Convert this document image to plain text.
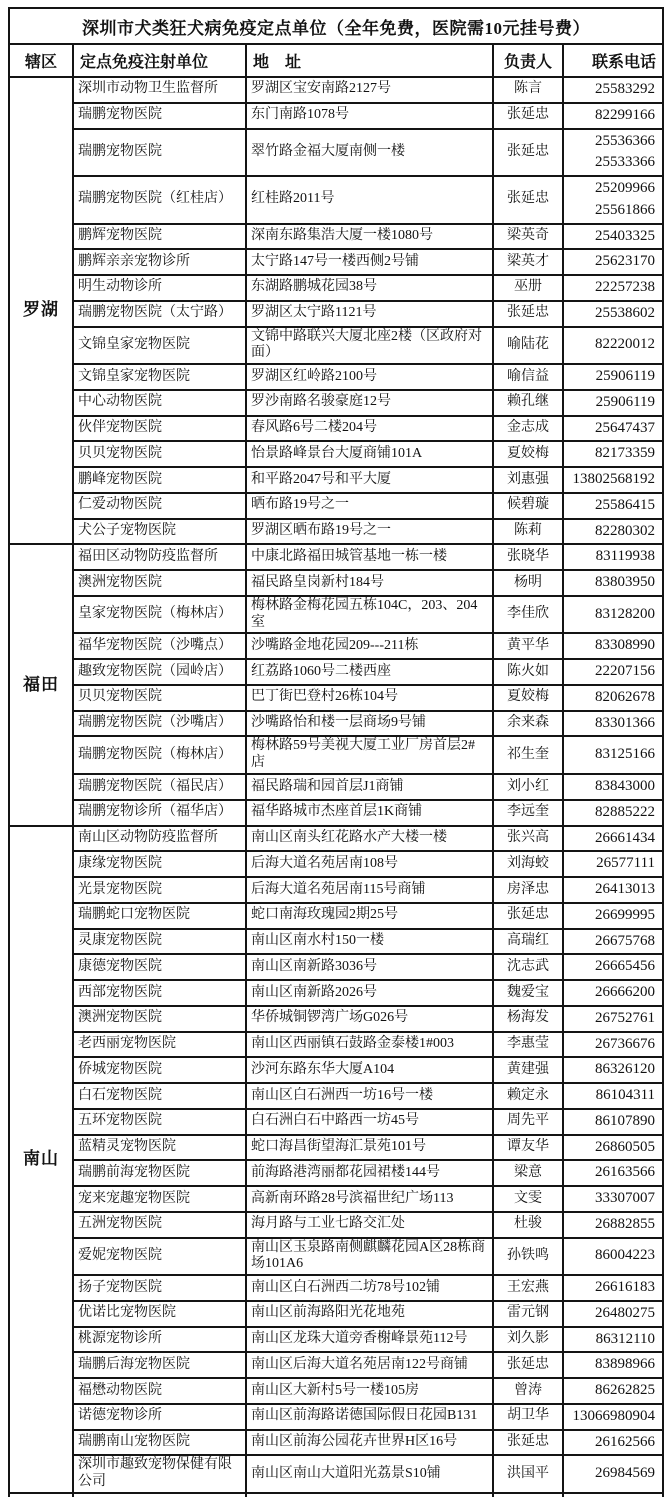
深圳市犬类狂犬病免疫定点单位（全年免费，医院需10元挂号费）				
辖区	定点免疫注射单位	地　址	负责人	联系电话
罗湖	深圳市动物卫生监督所	罗湖区宝安南路2127号	陈言	25583292

	瑞鹏宠物医院	东门南路1078号	张延忠	82299166

	瑞鹏宠物医院	翠竹路金福大厦南侧一楼	张延忠	25536366
25533366

	瑞鹏宠物医院（红桂店）	红桂路2011号	张延忠	25209966
25561866

	鹏辉宠物医院	深南东路集浩大厦一楼1080号	梁英奇	25403325

	鹏辉亲亲宠物诊所	太宁路147号一楼西侧2号铺	梁英才	25623170

	明生动物诊所	东湖路鹏城花园38号	巫册	22257238

	瑞鹏宠物医院（太宁路）	罗湖区太宁路1121号	张延忠	25538602

	文锦皇家宠物医院	文锦中路联兴大厦北座2楼（区政府对面）	喻陆花	82220012

	文锦皇家宠物医院	罗湖区红岭路2100号	喻信益	25906119

	中心动物医院	罗沙南路名骏豪庭12号	赖孔继	25906119

	伙伴宠物医院	春风路6号二楼204号	金志成	25647437

	贝贝宠物医院	怡景路峰景台大厦商铺101A	夏姣梅	82173359

	鹏峰宠物医院	和平路2047号和平大厦	刘惠强	13802568192

	仁爱动物医院	晒布路19号之一	候碧璇	25586415

	犬公子宠物医院	罗湖区晒布路19号之一	陈莉	82280302

福田	福田区动物防疫监督所	中康北路福田城管基地一栋一楼	张晓华	83119938

	澳洲宠物医院	福民路皇岗新村184号	杨明	83803950

	皇家宠物医院（梅林店）	梅林路金梅花园五栋104C，203、204室	李佳欣	83128200

	福华宠物医院（沙嘴点）	沙嘴路金地花园209---211栋	黄平华	83308990

	趣致宠物医院（园岭店）	红荔路1060号二楼西座	陈火如	22207156

	贝贝宠物医院	巴丁街巴登村26栋104号	夏姣梅	82062678

	瑞鹏宠物医院（沙嘴店）	沙嘴路怡和楼一层商场9号铺	余来森	83301366

	瑞鹏宠物医院（梅林店）	梅林路59号美视大厦工业厂房首层2#店	祁生奎	83125166

	瑞鹏宠物医院（福民店）	福民路瑞和园首层J1商铺	刘小红	83843000

	瑞鹏宠物诊所（福华店）	福华路城市杰座首层1K商铺	李远奎	82885222

南山	南山区动物防疫监督所	南山区南头红花路水产大楼一楼	张兴高	26661434

	康缘宠物医院	后海大道名苑居南108号	刘海蛟	26577111

	光景宠物医院	后海大道名苑居南115号商铺	房泽忠	26413013

	瑞鹏蛇口宠物医院	蛇口南海玫瑰园2期25号	张延忠	26699995

	灵康宠物医院	南山区南水村150一楼	高瑞红	26675768

	康德宠物医院	南山区南新路3036号	沈志武	26665456

	西部宠物医院	南山区南新路2026号	魏爱宝	26666200

	澳洲宠物医院	华侨城铜锣湾广场G026号	杨海发	26752761

	老西丽宠物医院	南山区西丽镇石鼓路金泰楼1#003	李惠莹	26736676

	侨城宠物医院	沙河东路东华大厦A104	黄建强	86326120

	白石宠物医院	南山区白石洲西一坊16号一楼	赖定永	86104311

	五环宠物医院	白石洲白石中路西一坊45号	周先平	86107890

	蓝精灵宠物医院	蛇口海昌街望海汇景苑101号	谭友华	26860505

	瑞鹏前海宠物医院	前海路港湾丽都花园裙楼144号	梁意	26163566

	宠来宠趣宠物医院	高新南环路28号滨福世纪广场113	文雯	33307007

	五洲宠物医院	海月路与工业七路交汇处	杜骏	26882855

	爱妮宠物医院	南山区玉泉路南侧麒麟花园A区28栋商场101A6	孙铁鸣	86004223

	扬子宠物医院	南山区白石洲西二坊78号102铺	王宏燕	26616183

	优诺比宠物医院	南山区前海路阳光花地苑	雷元钢	26480275

	桃源宠物诊所	南山区龙珠大道旁香榭峰景苑112号	刘久影	86312110

	瑞鹏后海宠物医院	南山区后海大道名苑居南122号商铺	张延忠	83898966

	福懋动物医院	南山区大新村5号一楼105房	曾涛	86262825

	诺德宠物诊所	南山区前海路诺德国际假日花园B131	胡卫华	13066980904

	瑞鹏南山宠物医院	南山区前海公园花卉世界H区16号	张延忠	26162566

	深圳市趣致宠物保健有限公司	南山区南山大道阳光荔景S10铺	洪国平	26984569
